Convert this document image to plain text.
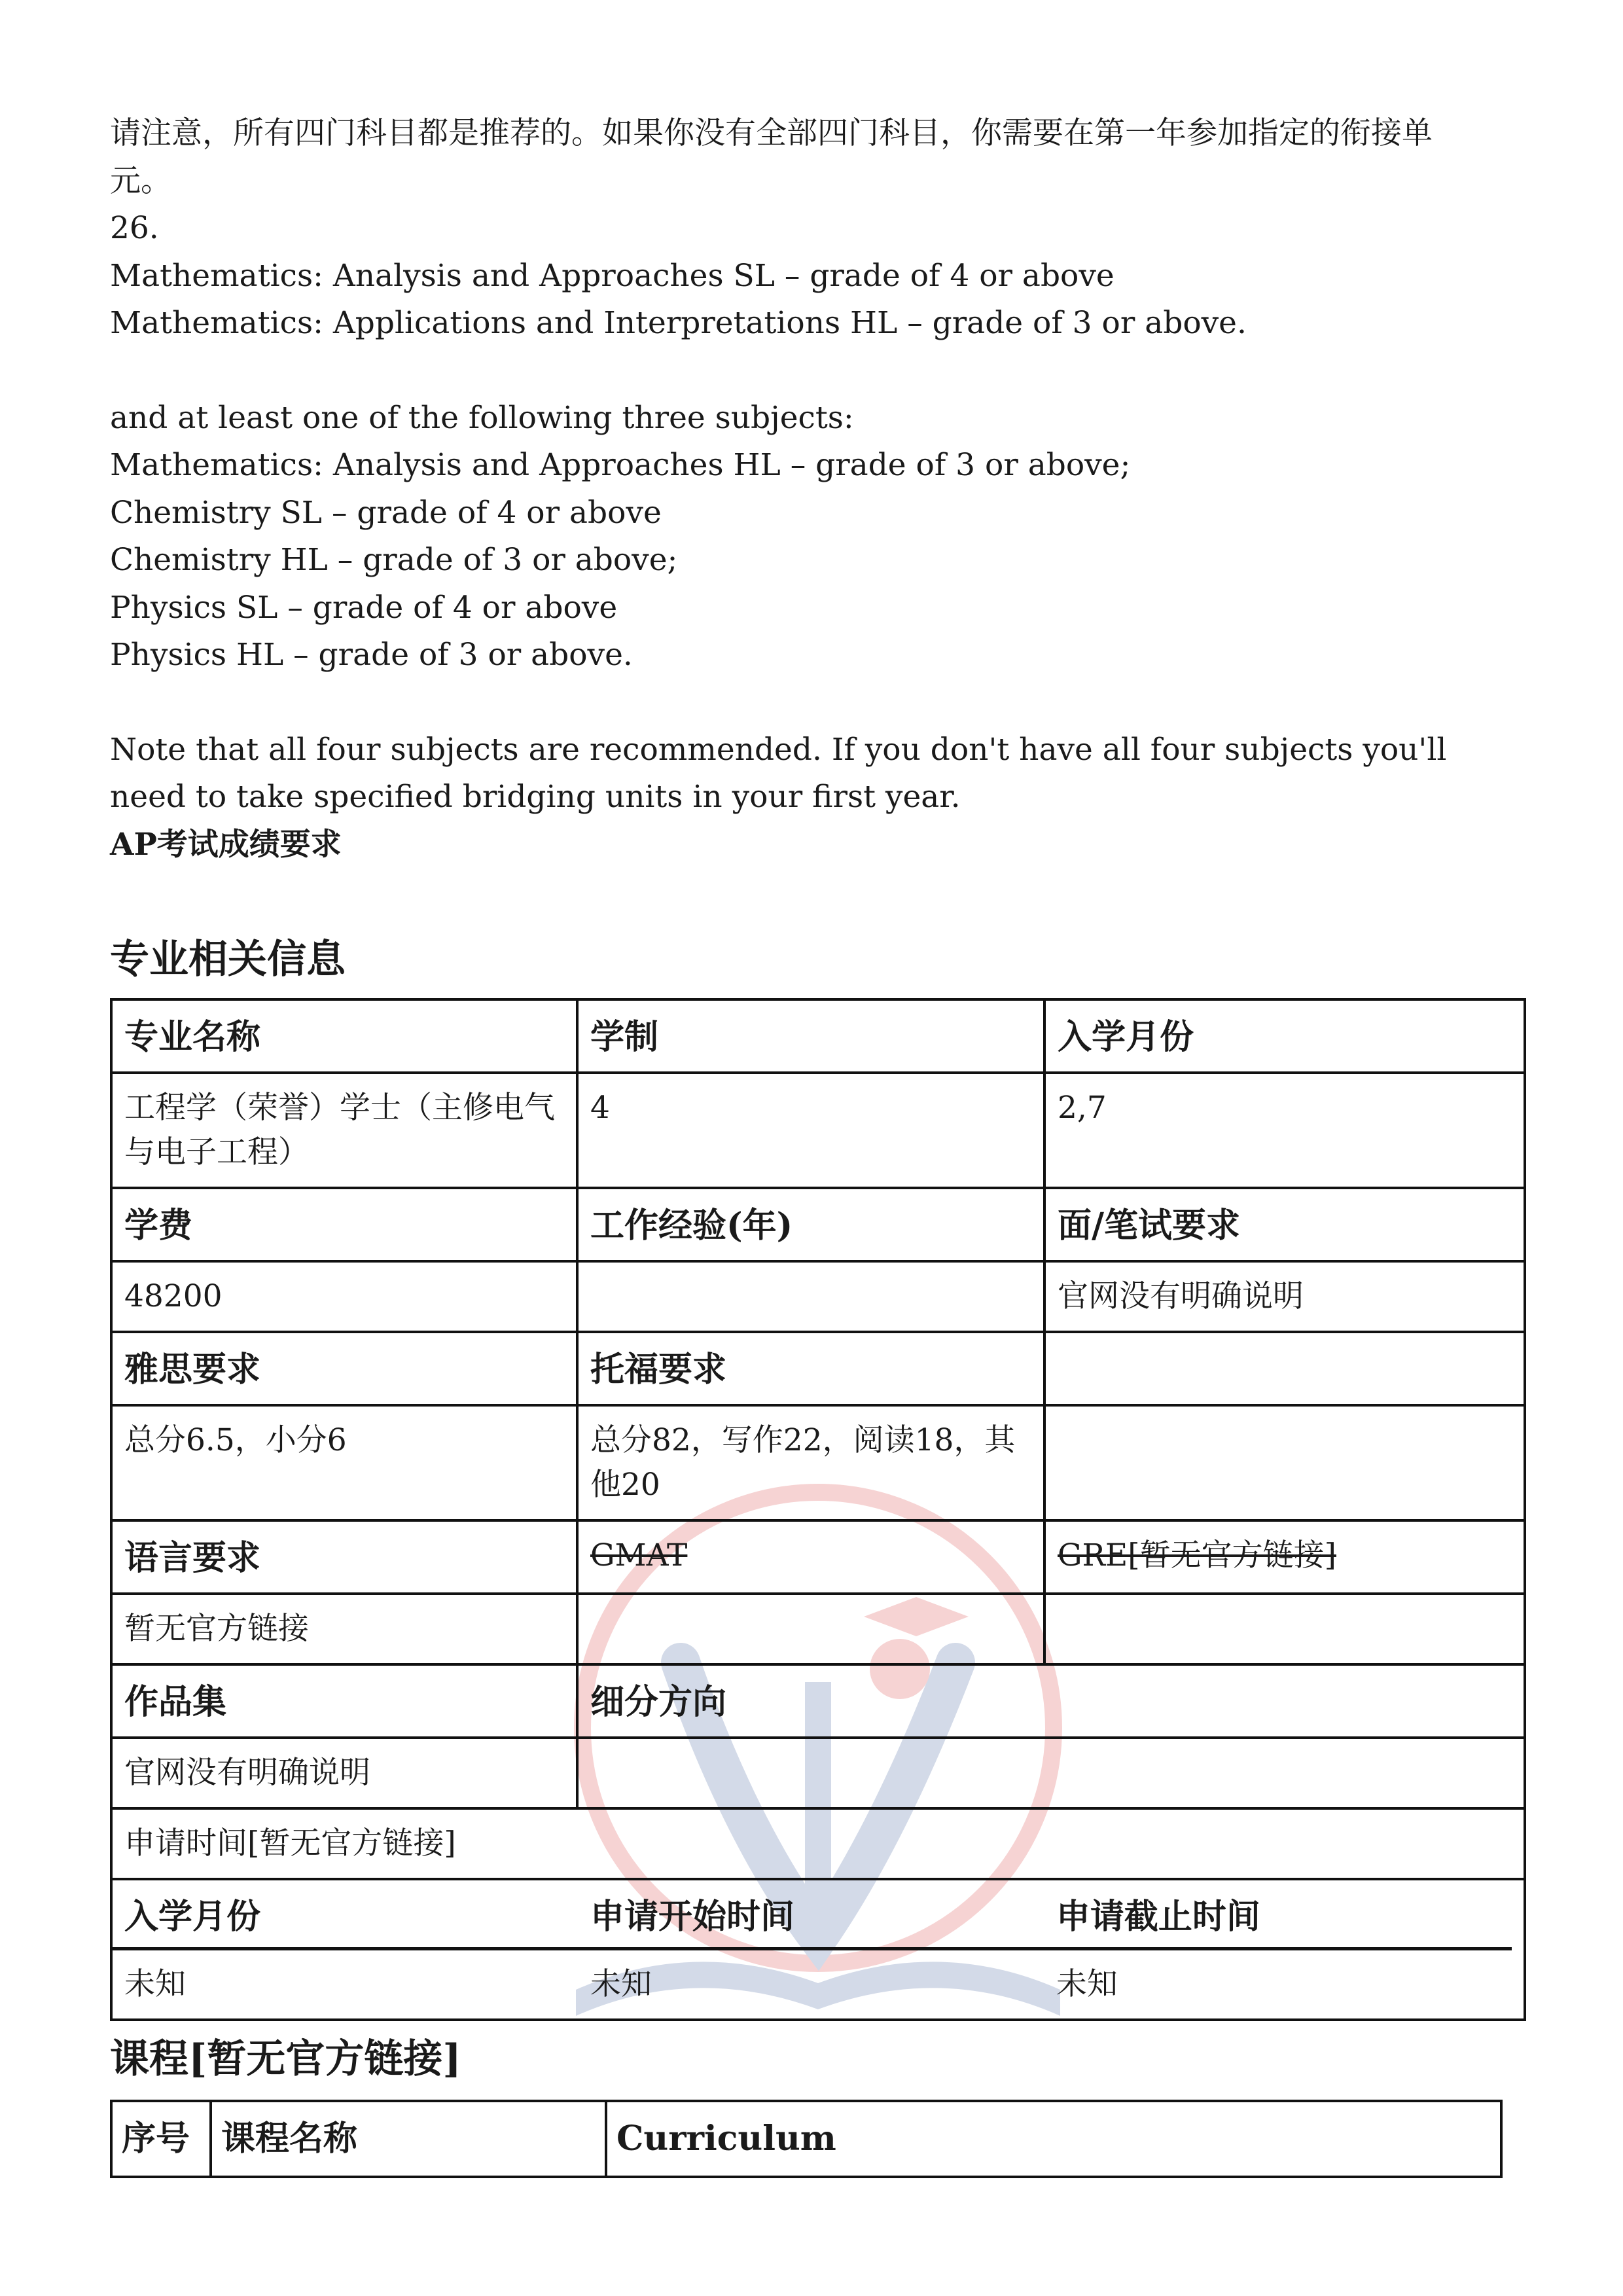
请注意，所有四门科目都是推荐的。如果你没有全部四门科目，你需要在第一年参加指定的衔接单元。

26.

Mathematics: Analysis and Approaches SL – grade of 4 or above

Mathematics: Applications and Interpretations HL – grade of 3 or above.

and at least one of the following three subjects:

Mathematics: Analysis and Approaches HL – grade of 3 or above;

Chemistry SL – grade of 4 or above

Chemistry HL – grade of 3 or above;

Physics SL – grade of 4 or above

Physics HL – grade of 3 or above.

Note that all four subjects are recommended. If you don't have all four subjects you'll

need to take specified bridging units in your first year.

AP考试成绩要求

专业相关信息
专业名称	学制	入学月份
工程学（荣誉）学士（主修电气与电子工程）	4	2,7
学费	工作经验(年)	面/笔试要求
48200		官网没有明确说明
雅思要求	托福要求	
总分6.5，小分6	总分82，写作22，阅读18，其他20	
语言要求	GMAT	GRE[暂无官方链接]
暂无官方链接		
作品集	细分方向
官网没有明确说明	
申请时间[暂无官方链接]

入学月份	申请开始时间	申请截止时间
未知	未知	未知
课程[暂无官方链接]
序号	课程名称	Curriculum
